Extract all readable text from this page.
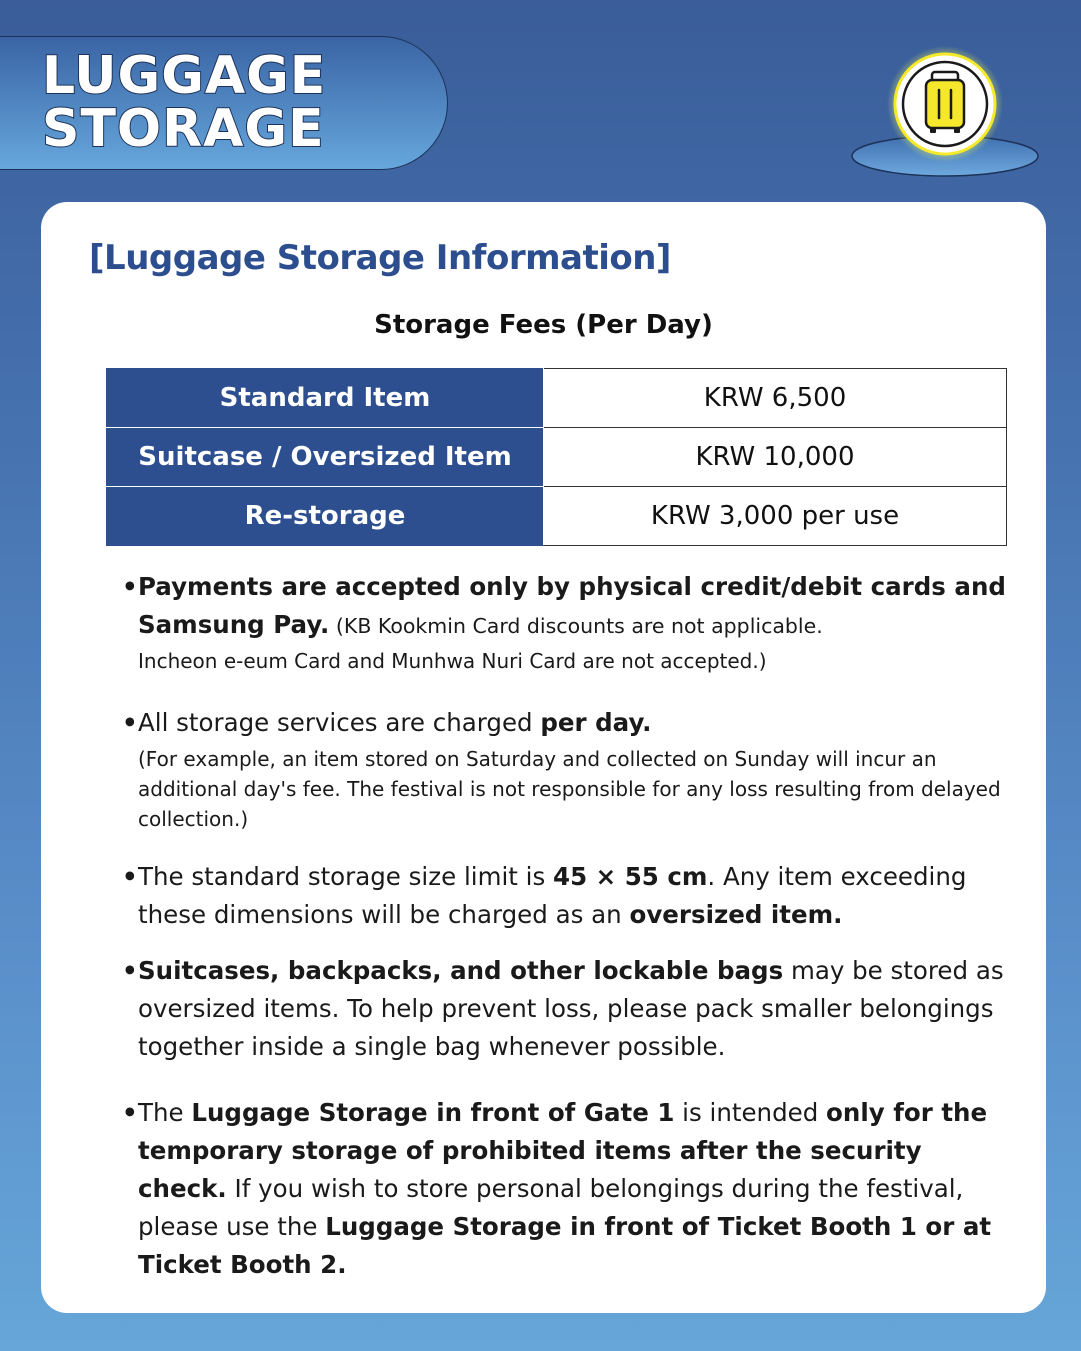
LUGGAGE
STORAGE
[Luggage Storage Information]
Storage Fees (Per Day)
Standard Item	KRW 6,500
Suitcase / Oversized Item	KRW 10,000
Re-storage	KRW 3,000 per use
• Payments are accepted only by physical credit/debit cards and Samsung Pay. (KB Kookmin Card discounts are not applicable.
Incheon e-eum Card and Munhwa Nuri Card are not accepted.)
• All storage services are charged per day.
(For example, an item stored on Saturday and collected on Sunday will incur an additional day's fee. The festival is not responsible for any loss resulting from delayed collection.)
• The standard storage size limit is 45 × 55 cm. Any item exceeding these dimensions will be charged as an oversized item.
• Suitcases, backpacks, and other lockable bags may be stored as oversized items. To help prevent loss, please pack smaller belongings together inside a single bag whenever possible.
• The Luggage Storage in front of Gate 1 is intended only for the temporary storage of prohibited items after the security check. If you wish to store personal belongings during the festival, please use the Luggage Storage in front of Ticket Booth 1 or at Ticket Booth 2.
